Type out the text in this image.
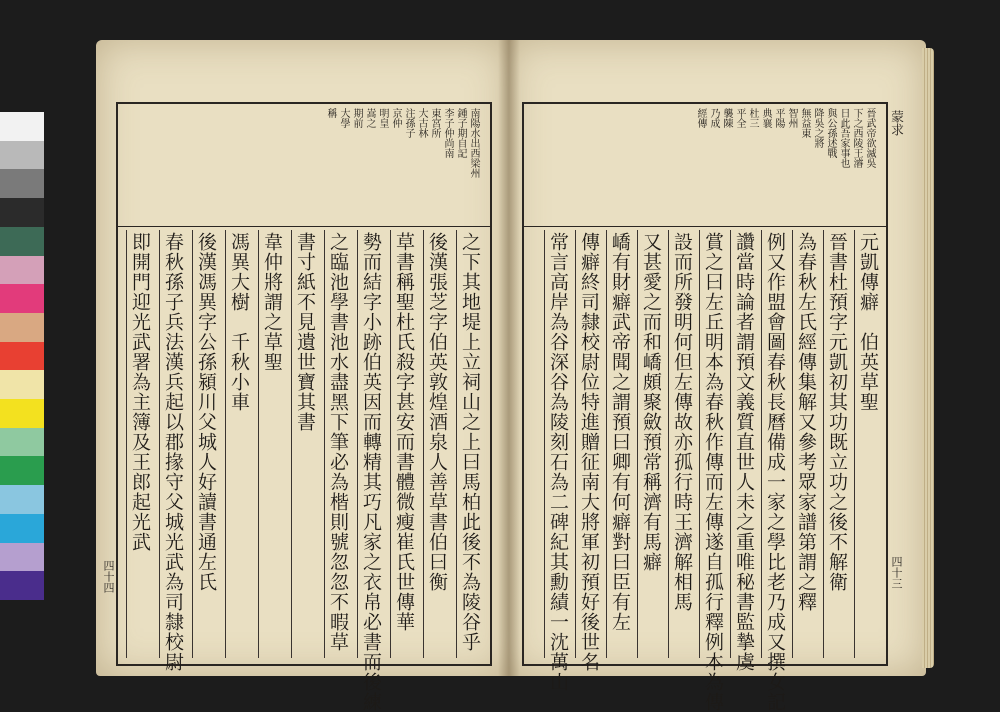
南陽水出西梁州
鍾子期自記
李子仲尚南
東宮所
大古林
注孫子
京仲
明皇
嵩之
期前
大學
稱
之下其地堤上立祠山之上曰馬柏此後不為陵谷乎
後漢張芝字伯英敦煌酒泉人善草書伯曰衡
草書稱聖杜氏殺字甚安而書體微瘦崔氏世傳華
勢而結字小跡伯英因而轉精其巧凡家之衣帛必書而後練
之臨池學書池水盡黑下筆必為楷則號忽忽不暇草
書寸紙不見遺世寶其書
韋仲將謂之草聖
馮異大樹　千秋小車
後漢馮異字公孫潁川父城人好讀書通左氏
春秋孫子兵法漢兵起以郡掾守父城光武為司隸校尉
即開門迎光武署為主簿及王郎起光武
四十四
晉武帝欲滅吳
下之西陵王濬
日此吾家事也
與公孫述戰
降吳之將
無益東
智州
平陽
典襄
杜三
平全
襲陳
乃成
經傳
元凱傳癖　伯英草聖
晉書杜預字元凱初其功既立功之後不解衛
為春秋左氏經傳集解又參考眾家譜第謂之釋
例又作盟會圖春秋長曆備成一家之學比老乃成又撰女記
讚當時論者謂預文義質直世人未之重唯秘書監摯虞
賞之曰左丘明本為春秋作傳而左傳遂自孤行釋例本為傳
設而所發明何但左傳故亦孤行時王濟解相馬
又甚愛之而和嶠頗聚斂預常稱濟有馬癖
嶠有財癖武帝聞之謂預曰卿有何癖對曰臣有左
傳癖終司隸校尉位特進贈征南大將軍初預好後世名
常言高岸為谷深谷為陵刻石為二碑紀其勳績一沈萬山
蒙求
四十三
